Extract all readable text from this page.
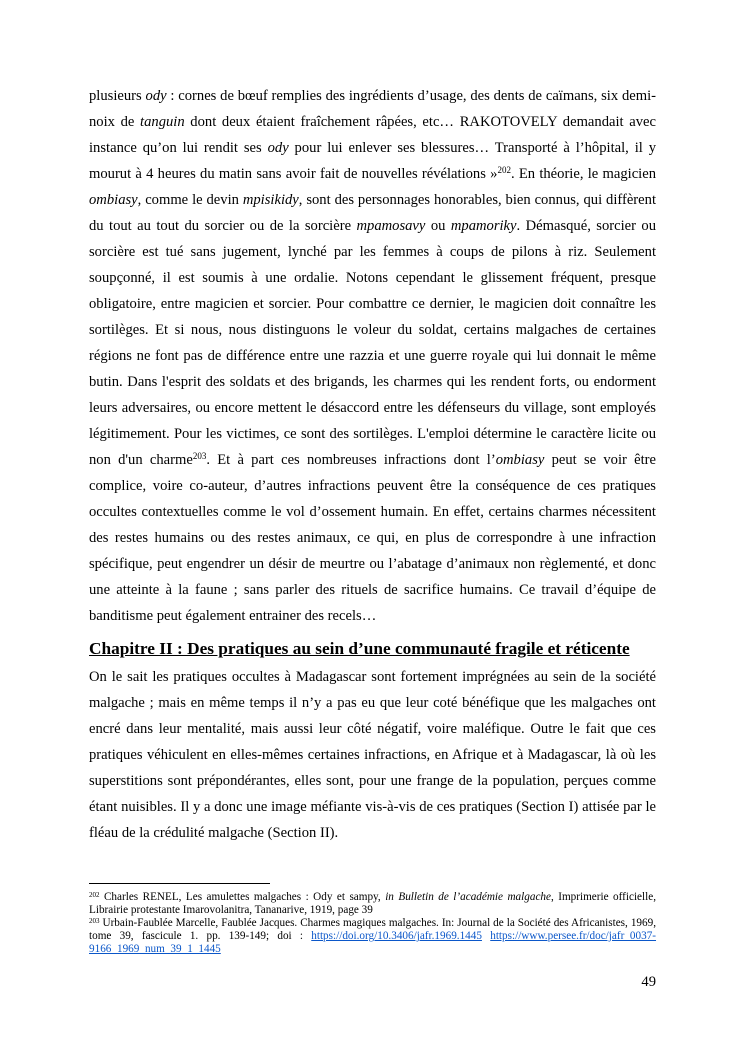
plusieurs ody : cornes de bœuf remplies des ingrédients d’usage, des dents de caïmans, six demi-noix de tanguin dont deux étaient fraîchement râpées, etc… RAKOTOVELY demandait avec instance qu’on lui rendit ses ody pour lui enlever ses blessures… Transporté à l’hôpital, il y mourut à 4 heures du matin sans avoir fait de nouvelles révélations »$^{202}$. En théorie, le magicien ombiasy, comme le devin mpisikidy, sont des personnages honorables, bien connus, qui diffèrent du tout au tout du sorcier ou de la sorcière mpamosavy ou mpamoriky. Démasqué, sorcier ou sorcière est tué sans jugement, lynché par les femmes à coups de pilons à riz. Seulement soupçonné, il est soumis à une ordalie. Notons cependant le glissement fréquent, presque obligatoire, entre magicien et sorcier. Pour combattre ce dernier, le magicien doit connaître les sortilèges. Et si nous, nous distinguons le voleur du soldat, certains malgaches de certaines régions ne font pas de différence entre une razzia et une guerre royale qui lui donnait le même butin. Dans l'esprit des soldats et des brigands, les charmes qui les rendent forts, ou endorment leurs adversaires, ou encore mettent le désaccord entre les défenseurs du village, sont employés légitimement. Pour les victimes, ce sont des sortilèges. L'emploi détermine le caractère licite ou non d'un charme$^{203}$. Et à part ces nombreuses infractions dont l’ombiasy peut se voir être complice, voire co-auteur, d’autres infractions peuvent être la conséquence de ces pratiques occultes contextuelles comme le vol d’ossement humain. En effet, certains charmes nécessitent des restes humains ou des restes animaux, ce qui, en plus de correspondre à une infraction spécifique, peut engendrer un désir de meurtre ou l’abatage d’animaux non règlementé, et donc une atteinte à la faune ; sans parler des rituels de sacrifice humains. Ce travail d’équipe de banditisme peut également entrainer des recels…

Chapitre II : Des pratiques au sein d’une communauté fragile et réticente

On le sait les pratiques occultes à Madagascar sont fortement imprégnées au sein de la société malgache ; mais en même temps il n’y a pas eu que leur coté bénéfique que les malgaches ont encré dans leur mentalité, mais aussi leur côté négatif, voire maléfique. Outre le fait que ces pratiques véhiculent en elles-mêmes certaines infractions, en Afrique et à Madagascar, là où les superstitions sont prépondérantes, elles sont, pour une frange de la population, perçues comme étant nuisibles. Il y a donc une image méfiante vis-à-vis de ces pratiques (Section I) attisée par le fléau de la crédulité malgache (Section II).

$^{202}$ Charles RENEL, Les amulettes malgaches : Ody et sampy, in Bulletin de l’académie malgache, Imprimerie officielle, Librairie protestante Imarovolanitra, Tananarive, 1919, page 39

$^{203}$ Urbain-Faublée Marcelle, Faublée Jacques. Charmes magiques malgaches. In: Journal de la Société des Africanistes, 1969, tome 39, fascicule 1. pp. 139-149; doi : https://doi.org/10.3406/jafr.1969.1445 https://www.persee.fr/doc/jafr_0037-9166_1969_num_39_1_1445

49
